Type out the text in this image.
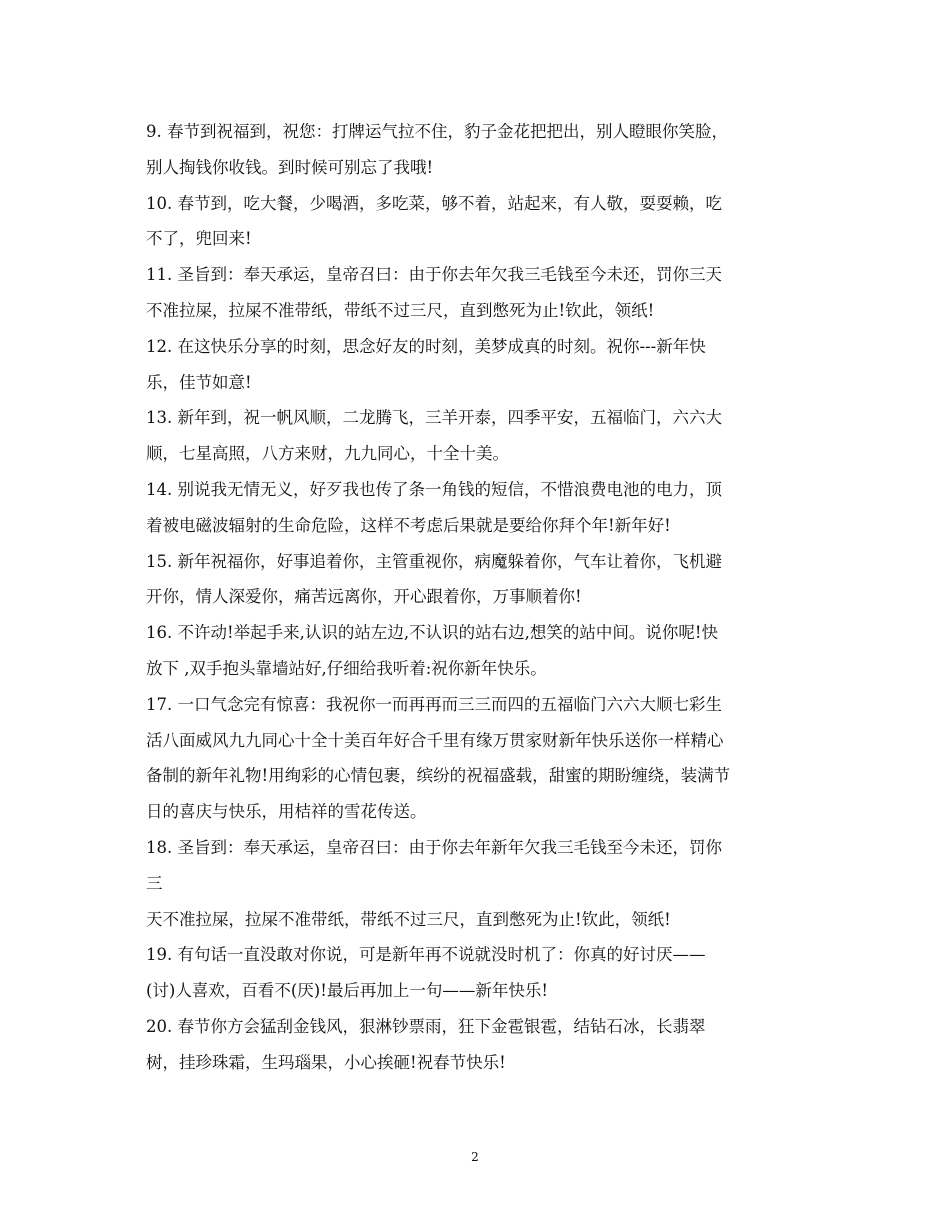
9. 春节到祝福到，祝您：打牌运气拉不住，豹子金花把把出，别人瞪眼你笑脸，
别人掏钱你收钱。到时候可别忘了我哦!
10. 春节到，吃大餐，少喝酒，多吃菜，够不着，站起来，有人敬，耍耍赖，吃
不了，兜回来!
11. 圣旨到：奉天承运，皇帝召曰：由于你去年欠我三毛钱至今未还，罚你三天
不准拉屎，拉屎不准带纸，带纸不过三尺，直到憋死为止!钦此，领纸!
12. 在这快乐分享的时刻，思念好友的时刻，美梦成真的时刻。祝你---新年快
乐，佳节如意!
13. 新年到，祝一帆风顺，二龙腾飞，三羊开泰，四季平安，五福临门，六六大
顺，七星高照，八方来财，九九同心，十全十美。
14. 别说我无情无义，好歹我也传了条一角钱的短信，不惜浪费电池的电力，顶
着被电磁波辐射的生命危险，这样不考虑后果就是要给你拜个年!新年好!
15. 新年祝福你，好事追着你，主管重视你，病魔躲着你，气车让着你，飞机避
开你，情人深爱你，痛苦远离你，开心跟着你，万事顺着你!
16. 不许动!举起手来,认识的站左边,不认识的站右边,想笑的站中间。说你呢!快
放下 ,双手抱头靠墙站好,仔细给我听着:祝你新年快乐。
17. 一口气念完有惊喜：我祝你一而再再而三三而四的五福临门六六大顺七彩生
活八面威风九九同心十全十美百年好合千里有缘万贯家财新年快乐送你一样精心
备制的新年礼物!用绚彩的心情包裹，缤纷的祝福盛载，甜蜜的期盼缠绕，装满节
日的喜庆与快乐，用桔祥的雪花传送。
18. 圣旨到：奉天承运，皇帝召曰：由于你去年新年欠我三毛钱至今未还，罚你
三
天不准拉屎，拉屎不准带纸，带纸不过三尺，直到憋死为止!钦此，领纸!
19. 有句话一直没敢对你说，可是新年再不说就没时机了：你真的好讨厌——
(讨)人喜欢，百看不(厌)!最后再加上一句——新年快乐!
20. 春节你方会猛刮金钱风，狠淋钞票雨，狂下金雹银雹，结钻石冰，长翡翠
树，挂珍珠霜，生玛瑙果，小心挨砸!祝春节快乐!
2
